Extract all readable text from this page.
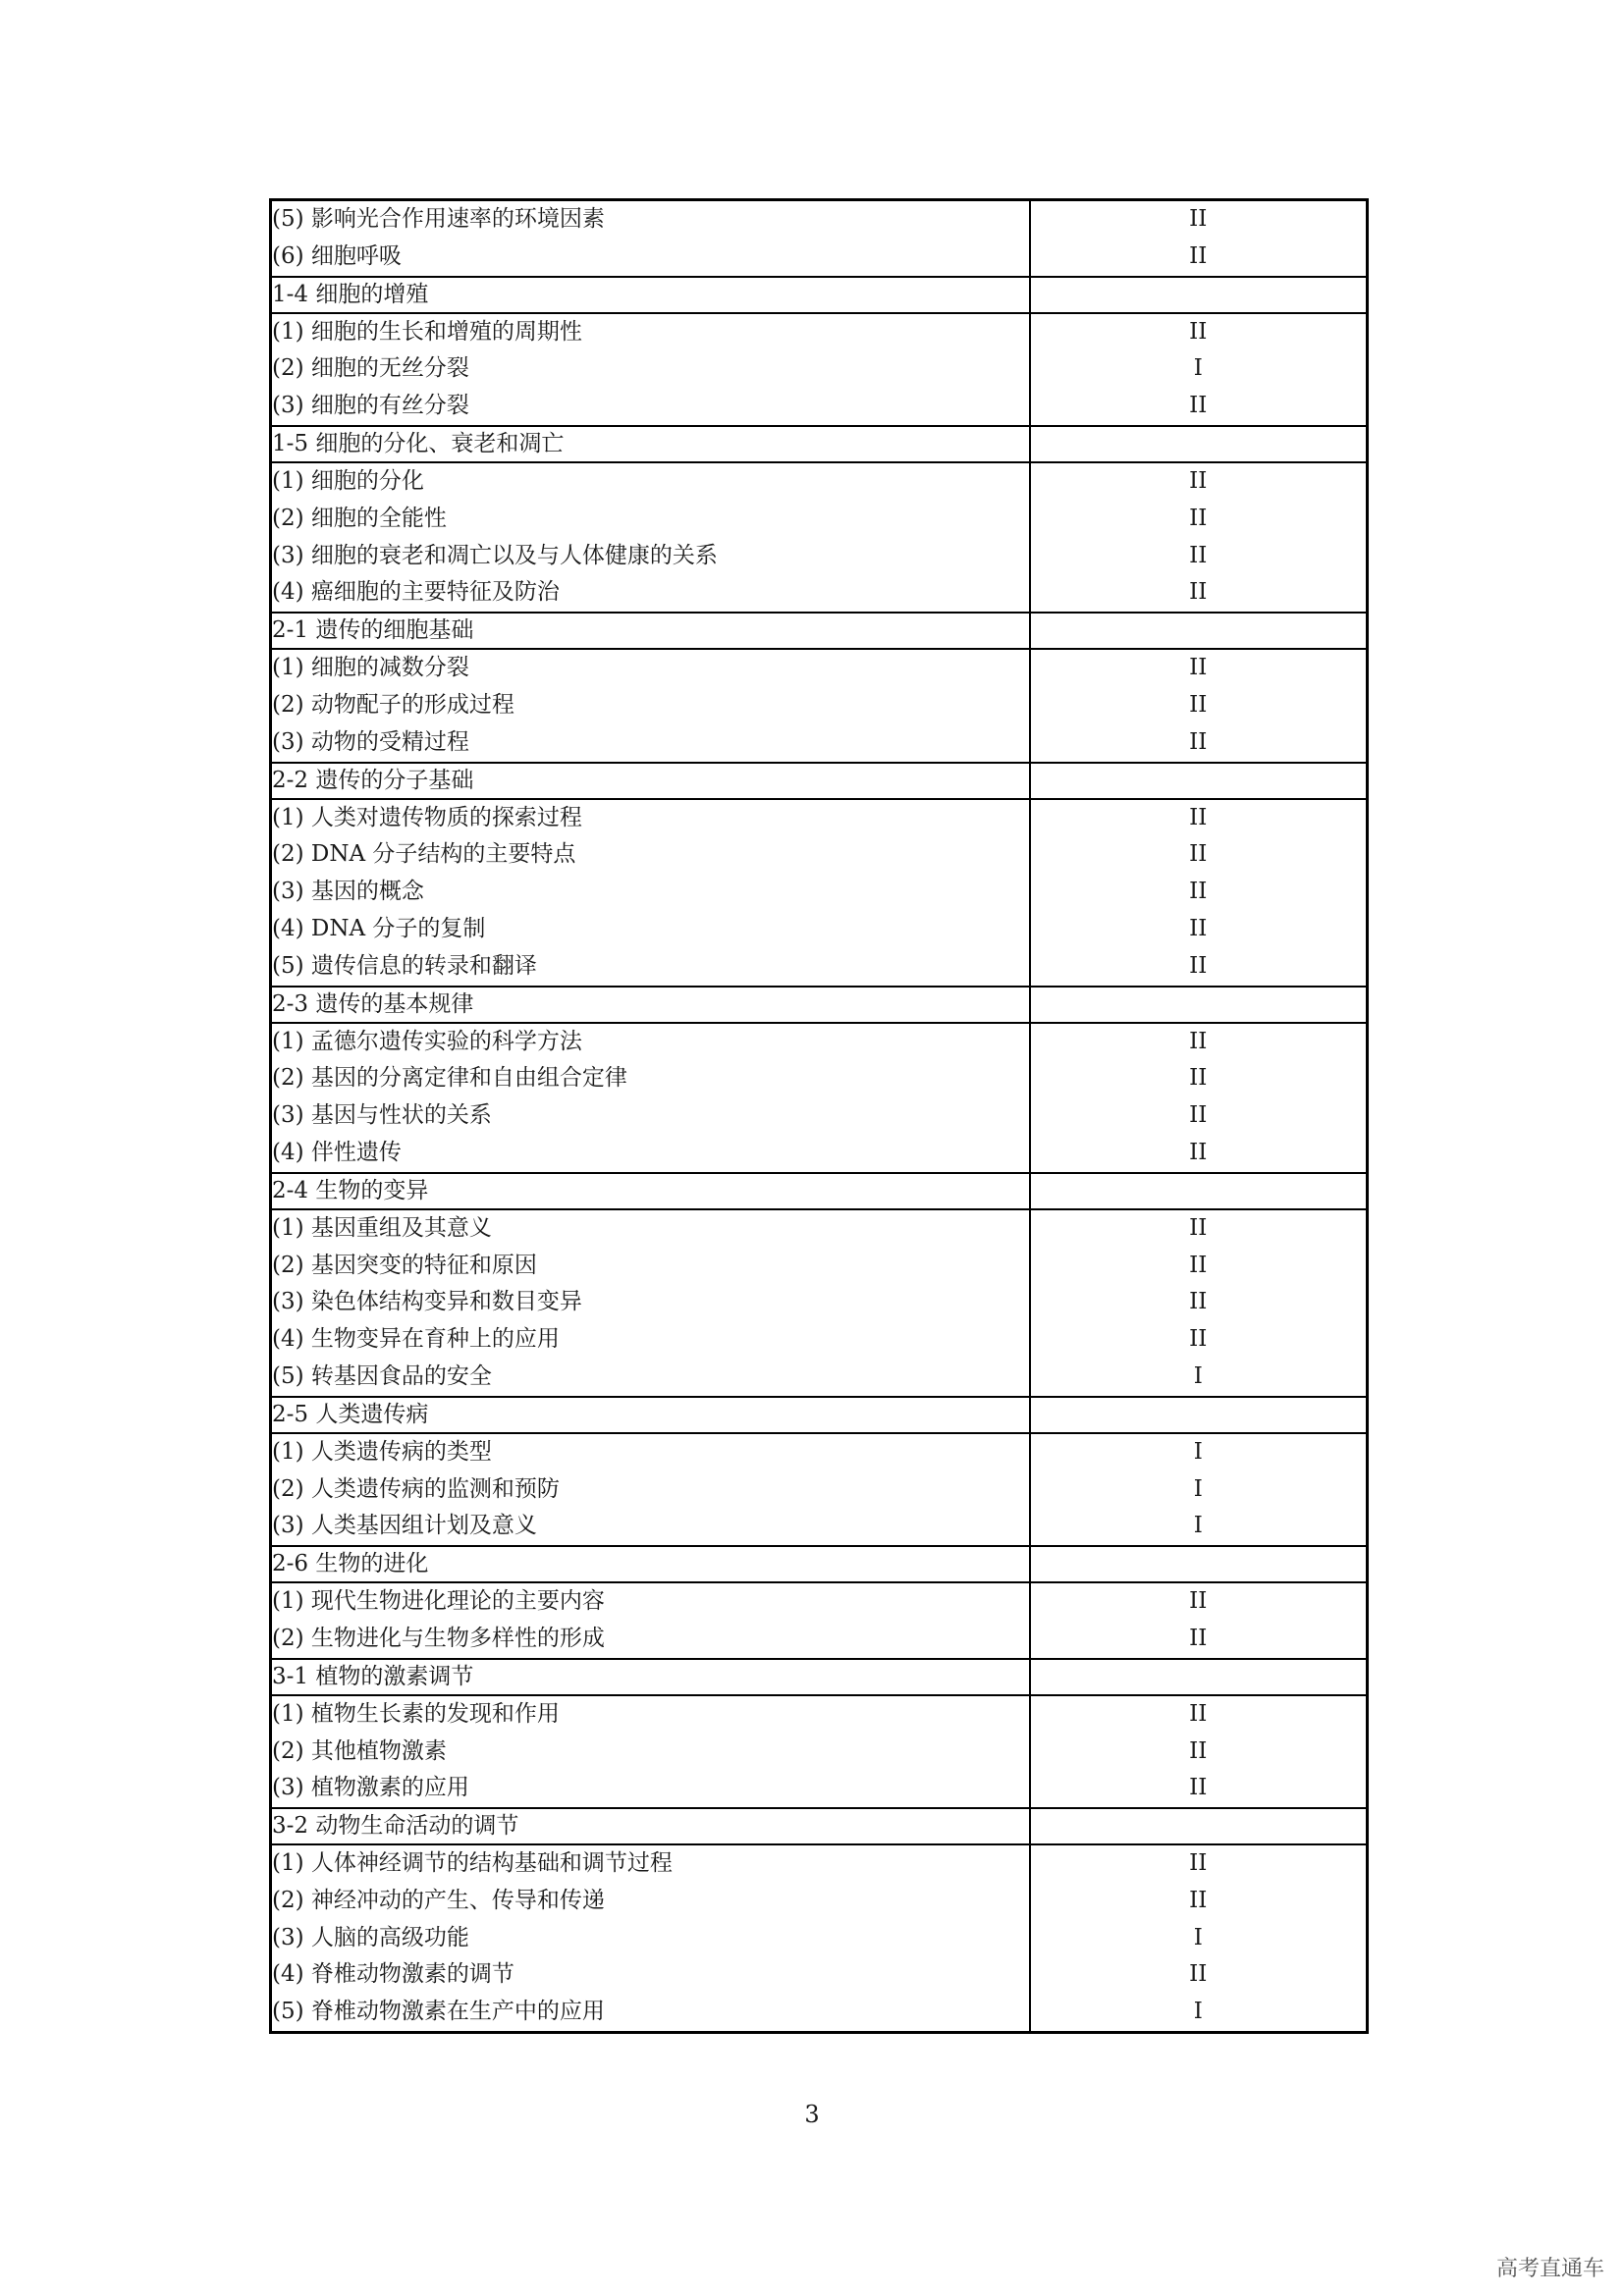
(5) 影响光合作用速率的环境因素	II
(6) 细胞呼吸	II
1-4 细胞的增殖	
(1) 细胞的生长和增殖的周期性	II
(2) 细胞的无丝分裂	I
(3) 细胞的有丝分裂	II
1-5 细胞的分化、衰老和凋亡	
(1) 细胞的分化	II
(2) 细胞的全能性	II
(3) 细胞的衰老和凋亡以及与人体健康的关系	II
(4) 癌细胞的主要特征及防治	II
2-1 遗传的细胞基础	
(1) 细胞的减数分裂	II
(2) 动物配子的形成过程	II
(3) 动物的受精过程	II
2-2 遗传的分子基础	
(1) 人类对遗传物质的探索过程	II
(2) DNA 分子结构的主要特点	II
(3) 基因的概念	II
(4) DNA 分子的复制	II
(5) 遗传信息的转录和翻译	II
2-3 遗传的基本规律	
(1) 孟德尔遗传实验的科学方法	II
(2) 基因的分离定律和自由组合定律	II
(3) 基因与性状的关系	II
(4) 伴性遗传	II
2-4 生物的变异	
(1) 基因重组及其意义	II
(2) 基因突变的特征和原因	II
(3) 染色体结构变异和数目变异	II
(4) 生物变异在育种上的应用	II
(5) 转基因食品的安全	I
2-5 人类遗传病	
(1) 人类遗传病的类型	I
(2) 人类遗传病的监测和预防	I
(3) 人类基因组计划及意义	I
2-6 生物的进化	
(1) 现代生物进化理论的主要内容	II
(2) 生物进化与生物多样性的形成	II
3-1 植物的激素调节	
(1) 植物生长素的发现和作用	II
(2) 其他植物激素	II
(3) 植物激素的应用	II
3-2 动物生命活动的调节	
(1) 人体神经调节的结构基础和调节过程	II
(2) 神经冲动的产生、传导和传递	II
(3) 人脑的高级功能	I
(4) 脊椎动物激素的调节	II
(5) 脊椎动物激素在生产中的应用	I
3
高考直通车
